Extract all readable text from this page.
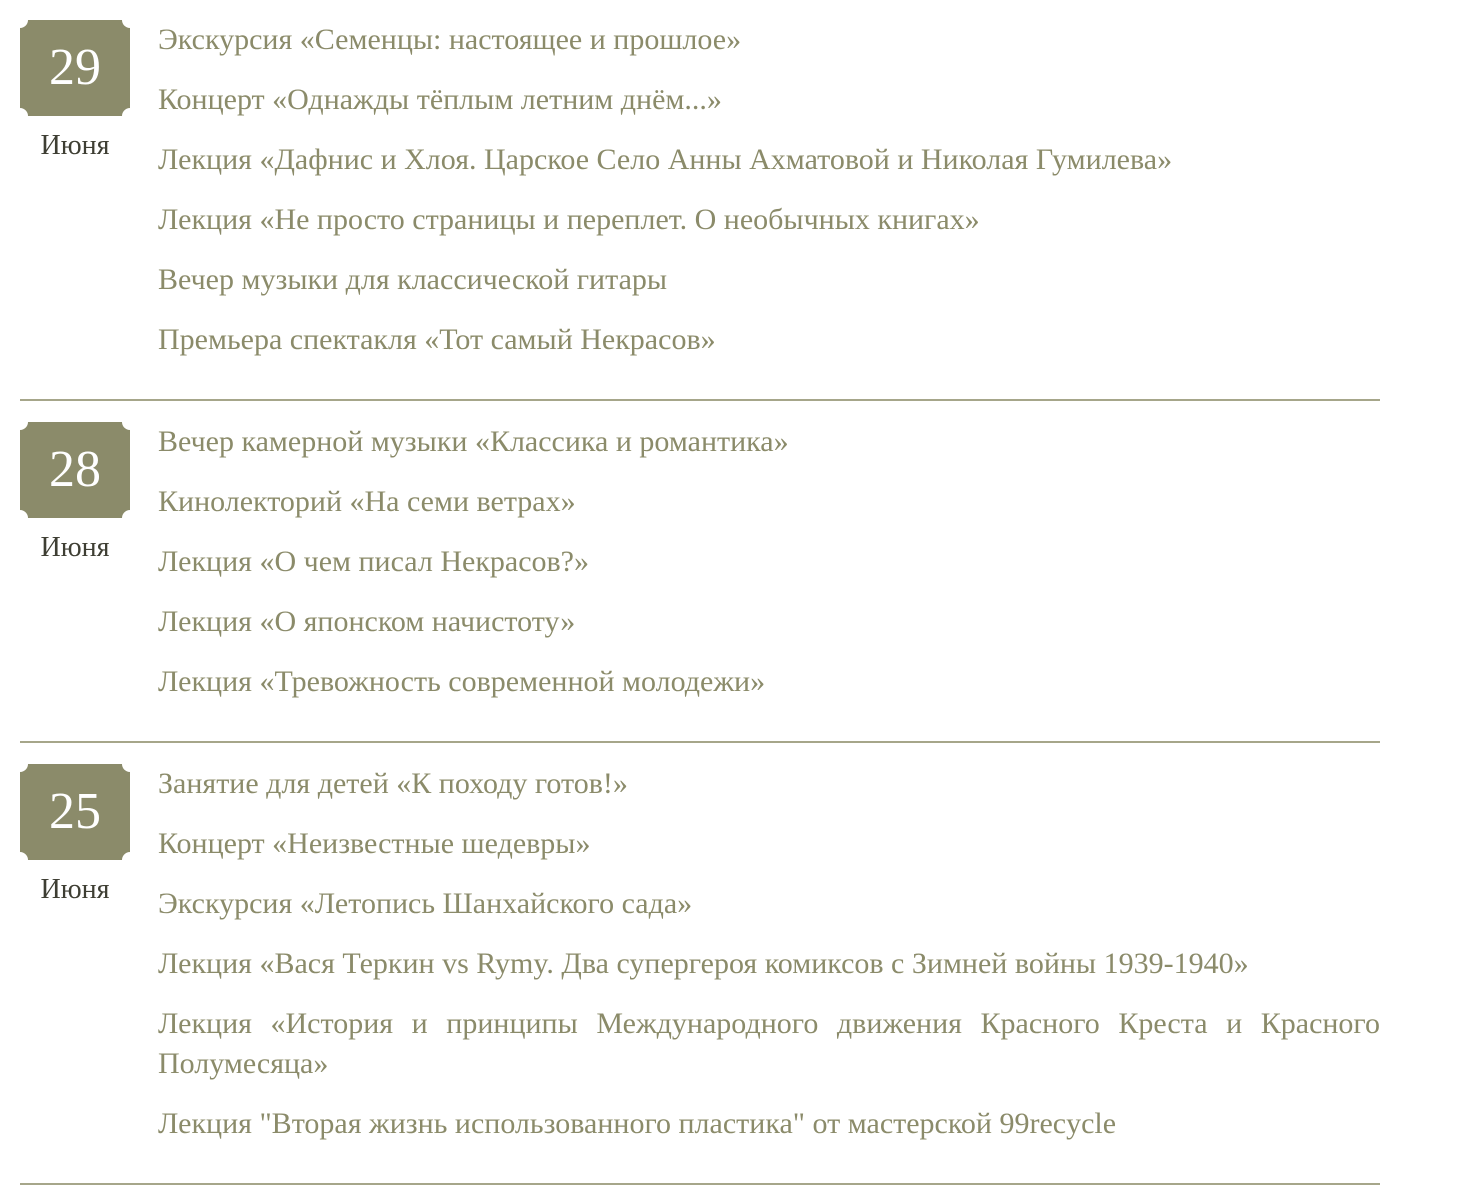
29
Июня
Экскурсия «Семенцы: настоящее и прошлое»
Концерт «Однажды тёплым летним днём...»
Лекция «Дафнис и Хлоя. Царское Село Анны Ахматовой и Николая Гумилева»
Лекция «Не просто страницы и переплет. О необычных книгах»
Вечер музыки для классической гитары
Премьера спектакля «Тот самый Некрасов»
28
Июня
Вечер камерной музыки «Классика и романтика»
Кинолекторий «На семи ветрах»
Лекция «О чем писал Некрасов?»
Лекция «О японском начистоту»
Лекция «Тревожность современной молодежи»
25
Июня
Занятие для детей «К походу готов!»
Концерт «Неизвестные шедевры»
Экскурсия «Летопись Шанхайского сада»
Лекция «Вася Теркин vs Rymy. Два супергероя комиксов с Зимней войны 1939-1940»
Лекция «История и принципы Международного движения Красного Креста и Красного Полумесяца»
Лекция "Вторая жизнь использованного пластика" от мастерской 99recycle
